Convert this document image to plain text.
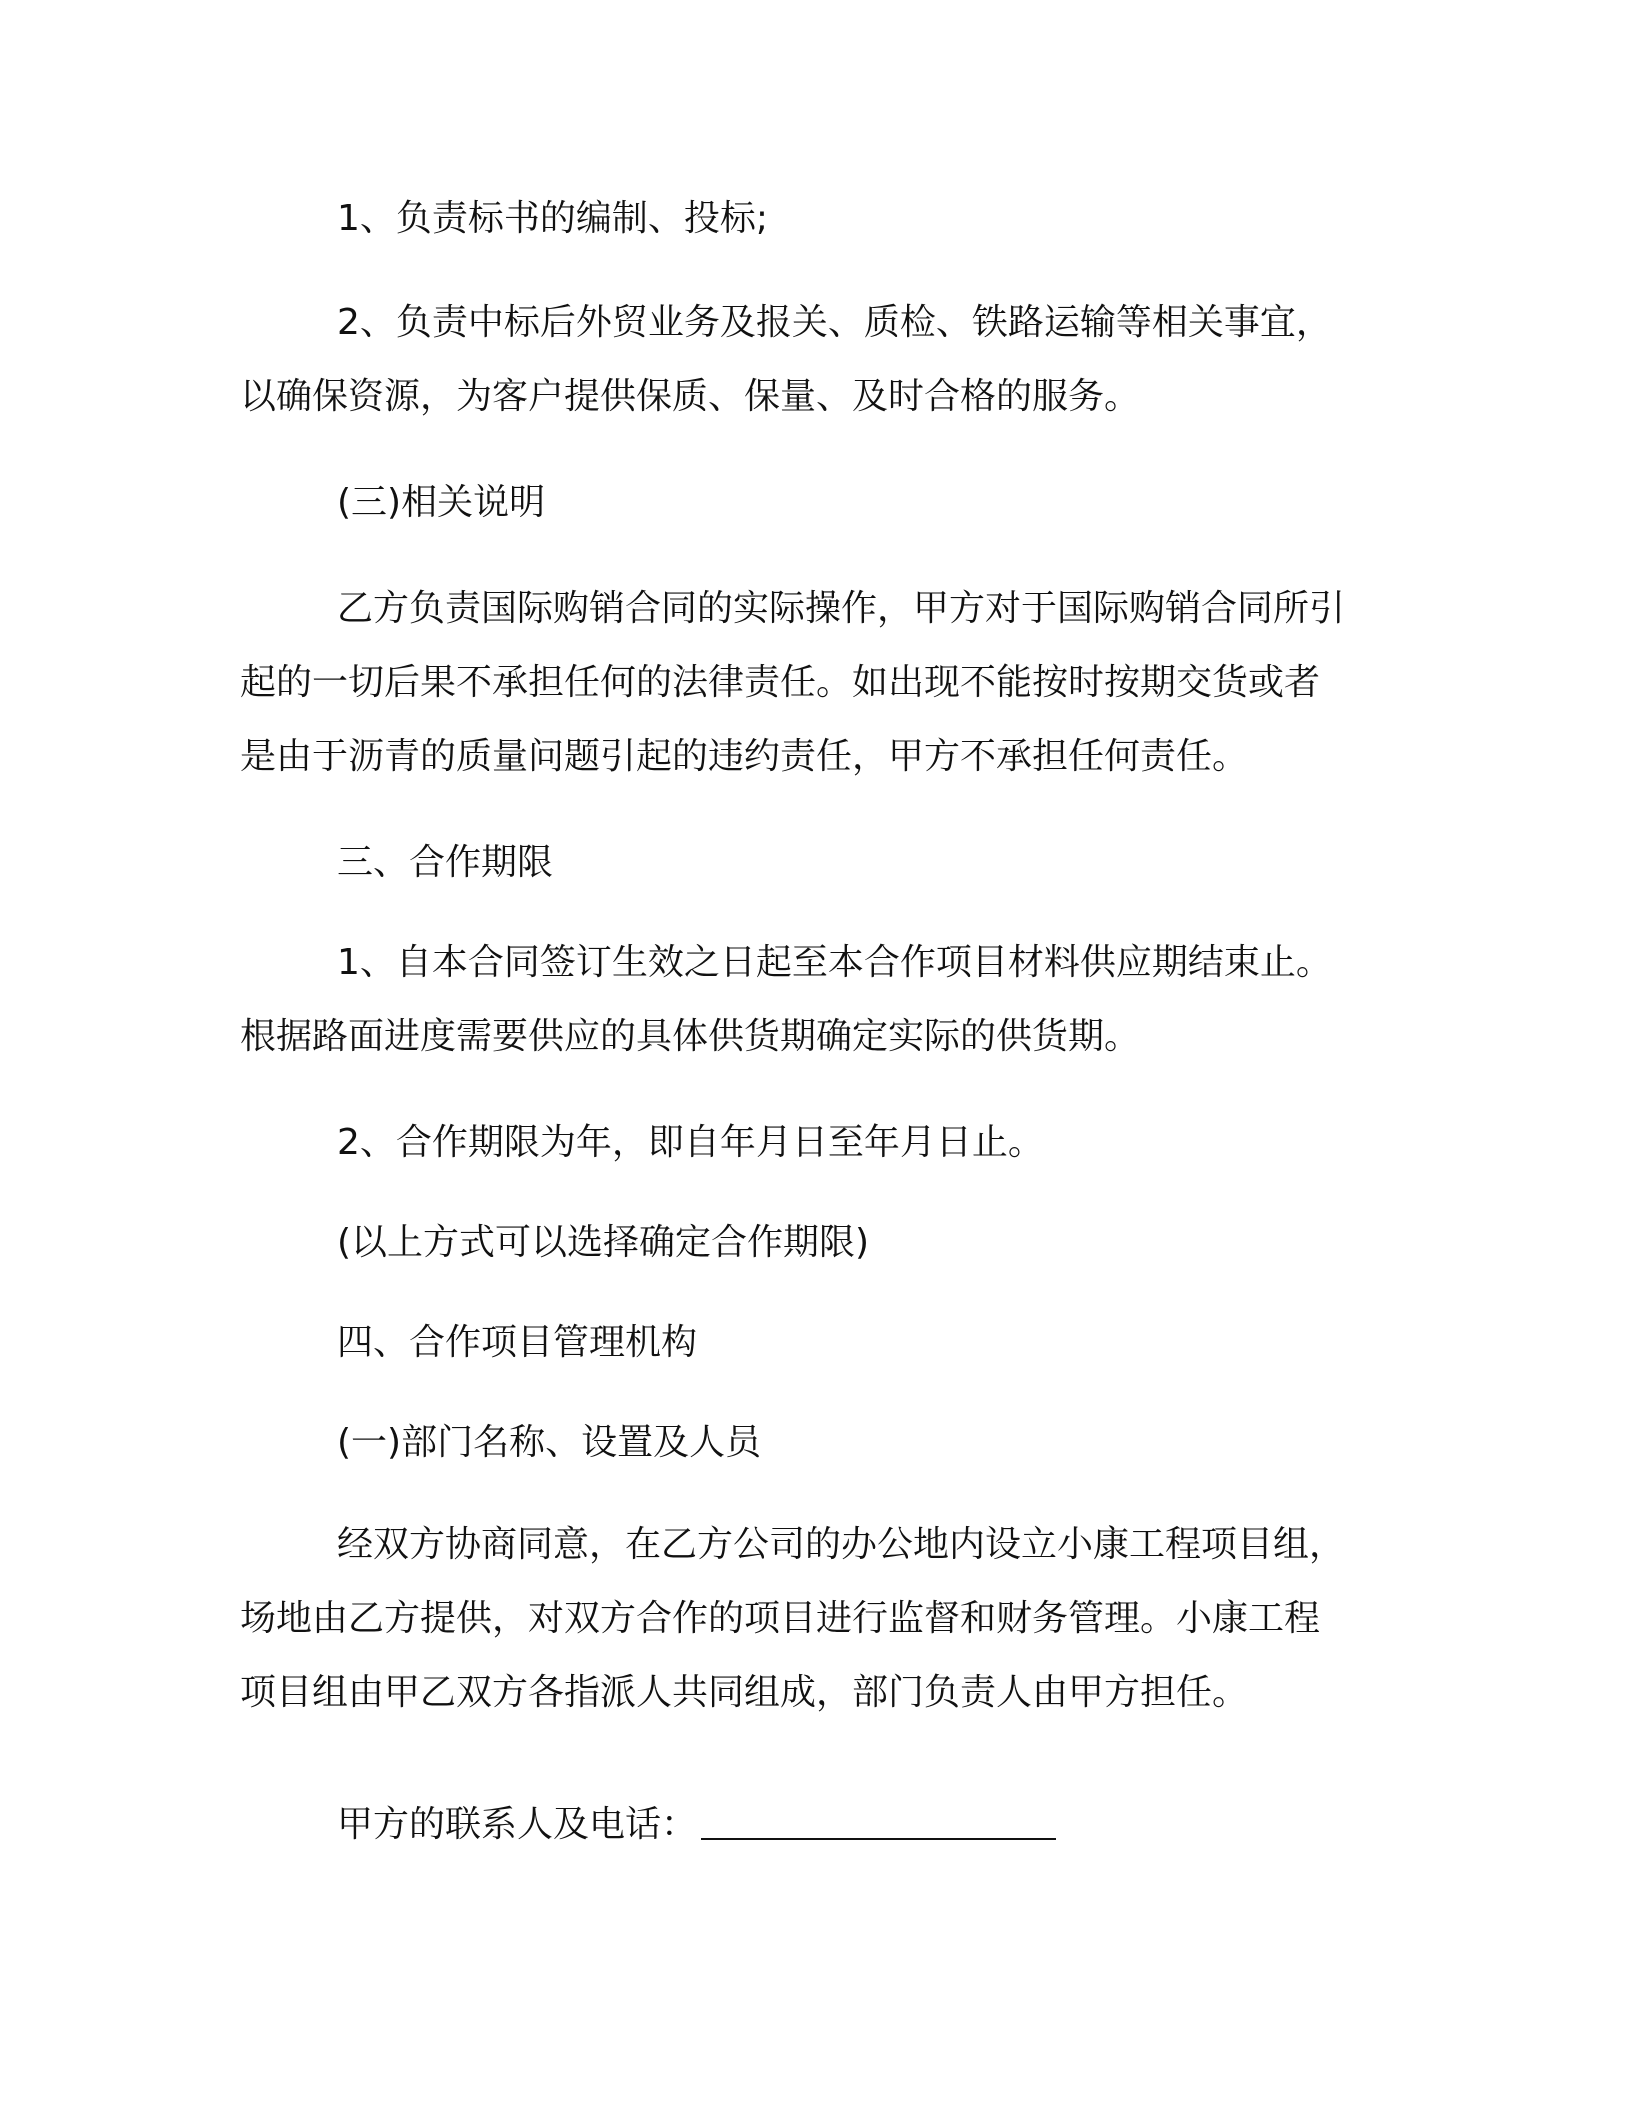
1、负责标书的编制、投标;

2、负责中标后外贸业务及报关、质检、铁路运输等相关事宜，
以确保资源，为客户提供保质、保量、及时合格的服务。

(三)相关说明

乙方负责国际购销合同的实际操作，甲方对于国际购销合同所引
起的一切后果不承担任何的法律责任。如出现不能按时按期交货或者
是由于沥青的质量问题引起的违约责任，甲方不承担任何责任。

三、合作期限

1、自本合同签订生效之日起至本合作项目材料供应期结束止。
根据路面进度需要供应的具体供货期确定实际的供货期。

2、合作期限为年，即自年月日至年月日止。

(以上方式可以选择确定合作期限)

四、合作项目管理机构

(一)部门名称、设置及人员

经双方协商同意，在乙方公司的办公地内设立小康工程项目组，
场地由乙方提供，对双方合作的项目进行监督和财务管理。小康工程
项目组由甲乙双方各指派人共同组成，部门负责人由甲方担任。

甲方的联系人及电话：
